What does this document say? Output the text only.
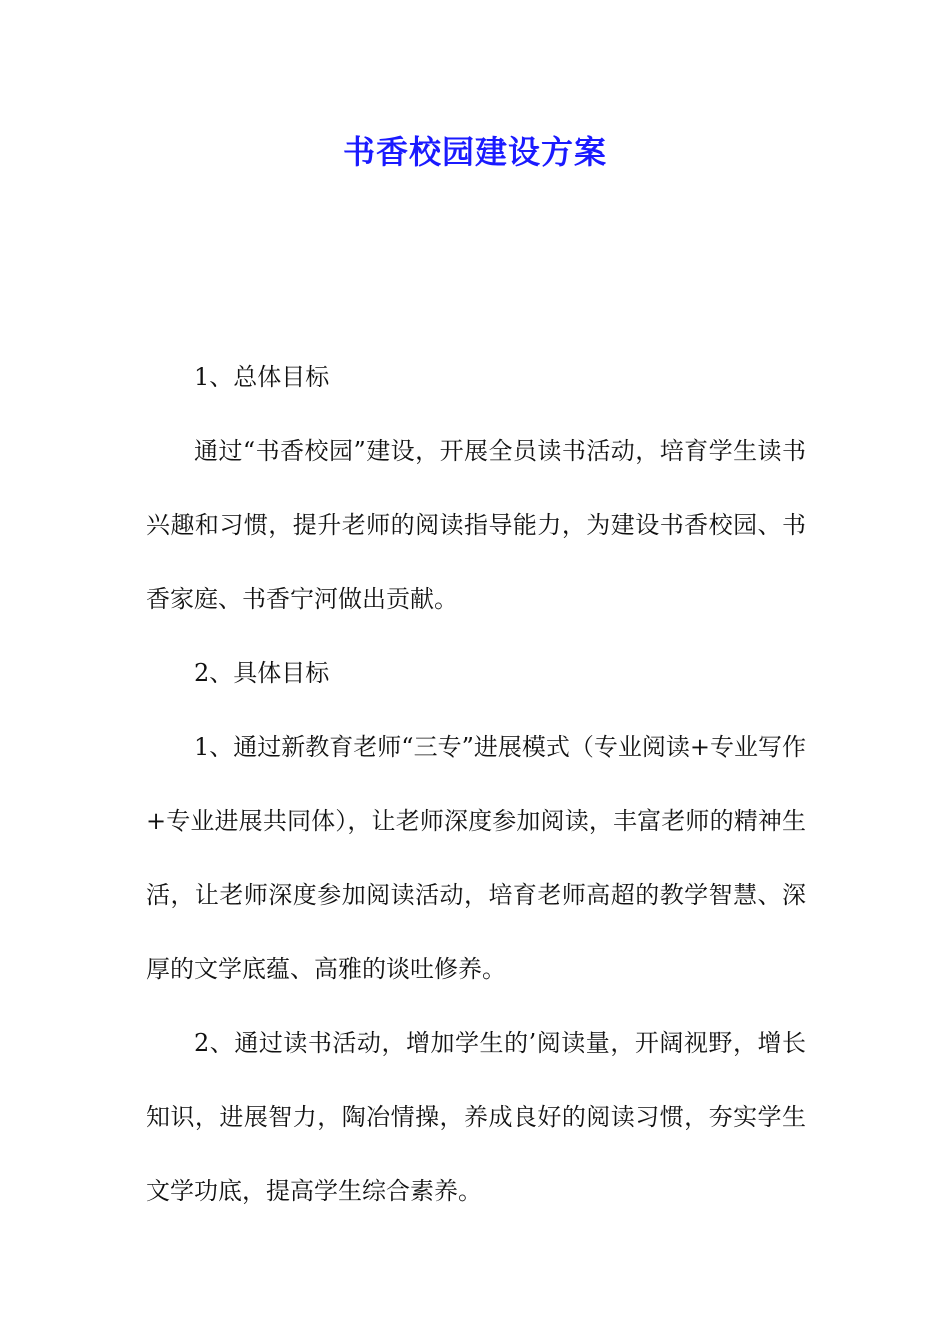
书香校园建设方案

1、总体目标

通过“书香校园”建设，开展全员读书活动，培育学生读书兴趣和习惯，提升老师的阅读指导能力，为建设书香校园、书香家庭、书香宁河做出贡献。

2、具体目标

1、通过新教育老师“三专”进展模式（专业阅读+专业写作+专业进展共同体），让老师深度参加阅读，丰富老师的精神生活，让老师深度参加阅读活动，培育老师高超的教学智慧、深厚的文学底蕴、高雅的谈吐修养。

2、通过读书活动，增加学生的’阅读量，开阔视野，增长知识，进展智力，陶冶情操，养成良好的阅读习惯，夯实学生文学功底，提高学生综合素养。
